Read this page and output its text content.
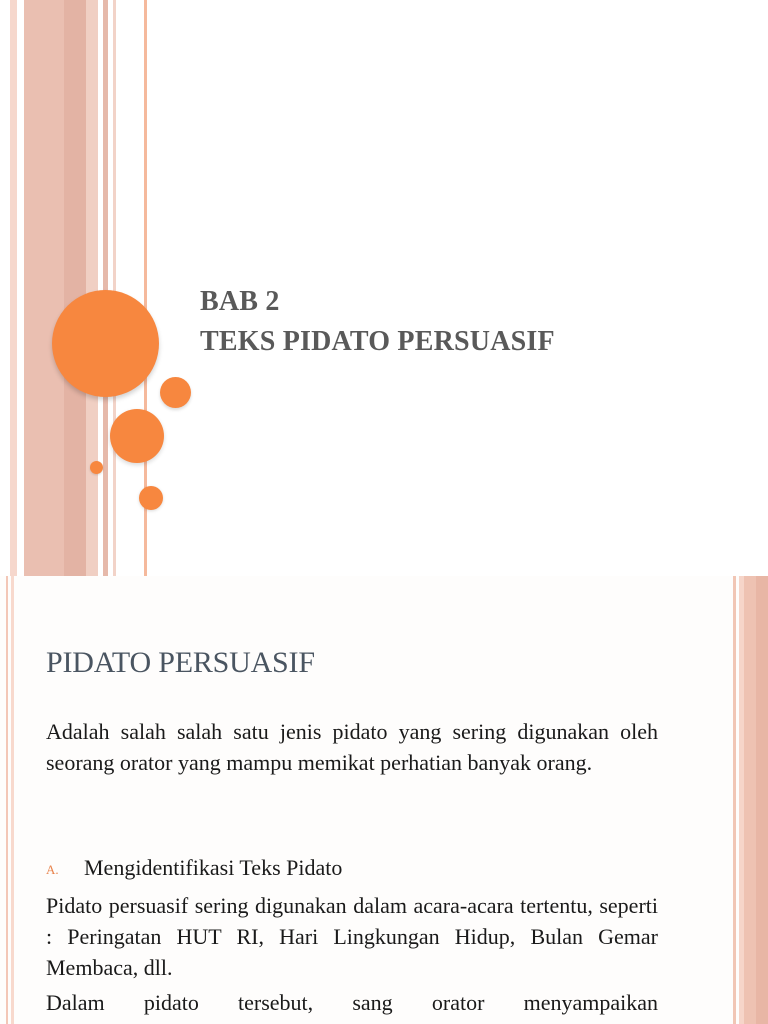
BAB 2
TEKS PIDATO PERSUASIF
PIDATO PERSUASIF
Adalah salah salah satu jenis pidato yang sering digunakan oleh seorang orator yang mampu memikat perhatian banyak orang.
A. Mengidentifikasi Teks Pidato
Pidato persuasif sering digunakan dalam acara-acara tertentu, seperti : Peringatan HUT RI, Hari Lingkungan Hidup, Bulan Gemar Membaca, dll.
Dalam pidato tersebut, sang orator menyampaikan
